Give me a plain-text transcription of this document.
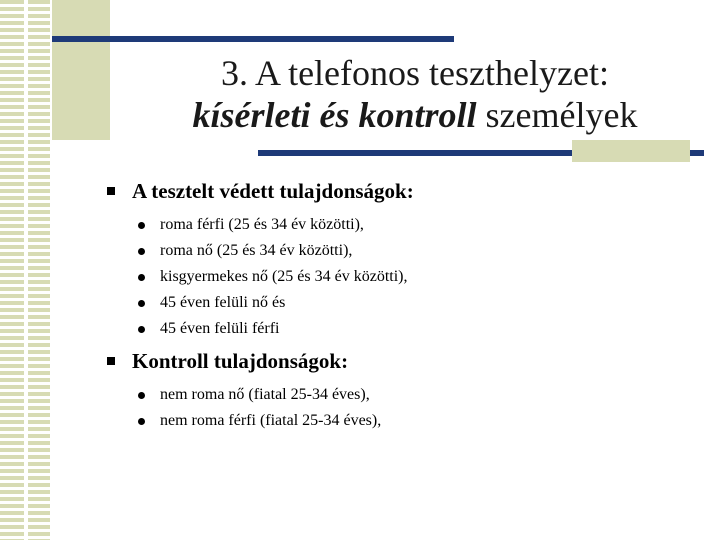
3. A telefonos teszthelyzet:
kísérleti és kontroll személyek
A tesztelt védett tulajdonságok:
roma férfi (25 és 34 év közötti),
roma nő (25 és 34 év közötti),
kisgyermekes nő (25 és 34 év közötti),
45 éven felüli nő és
45 éven felüli férfi
Kontroll tulajdonságok:
nem roma nő (fiatal 25-34 éves),
nem roma férfi (fiatal 25-34 éves),
